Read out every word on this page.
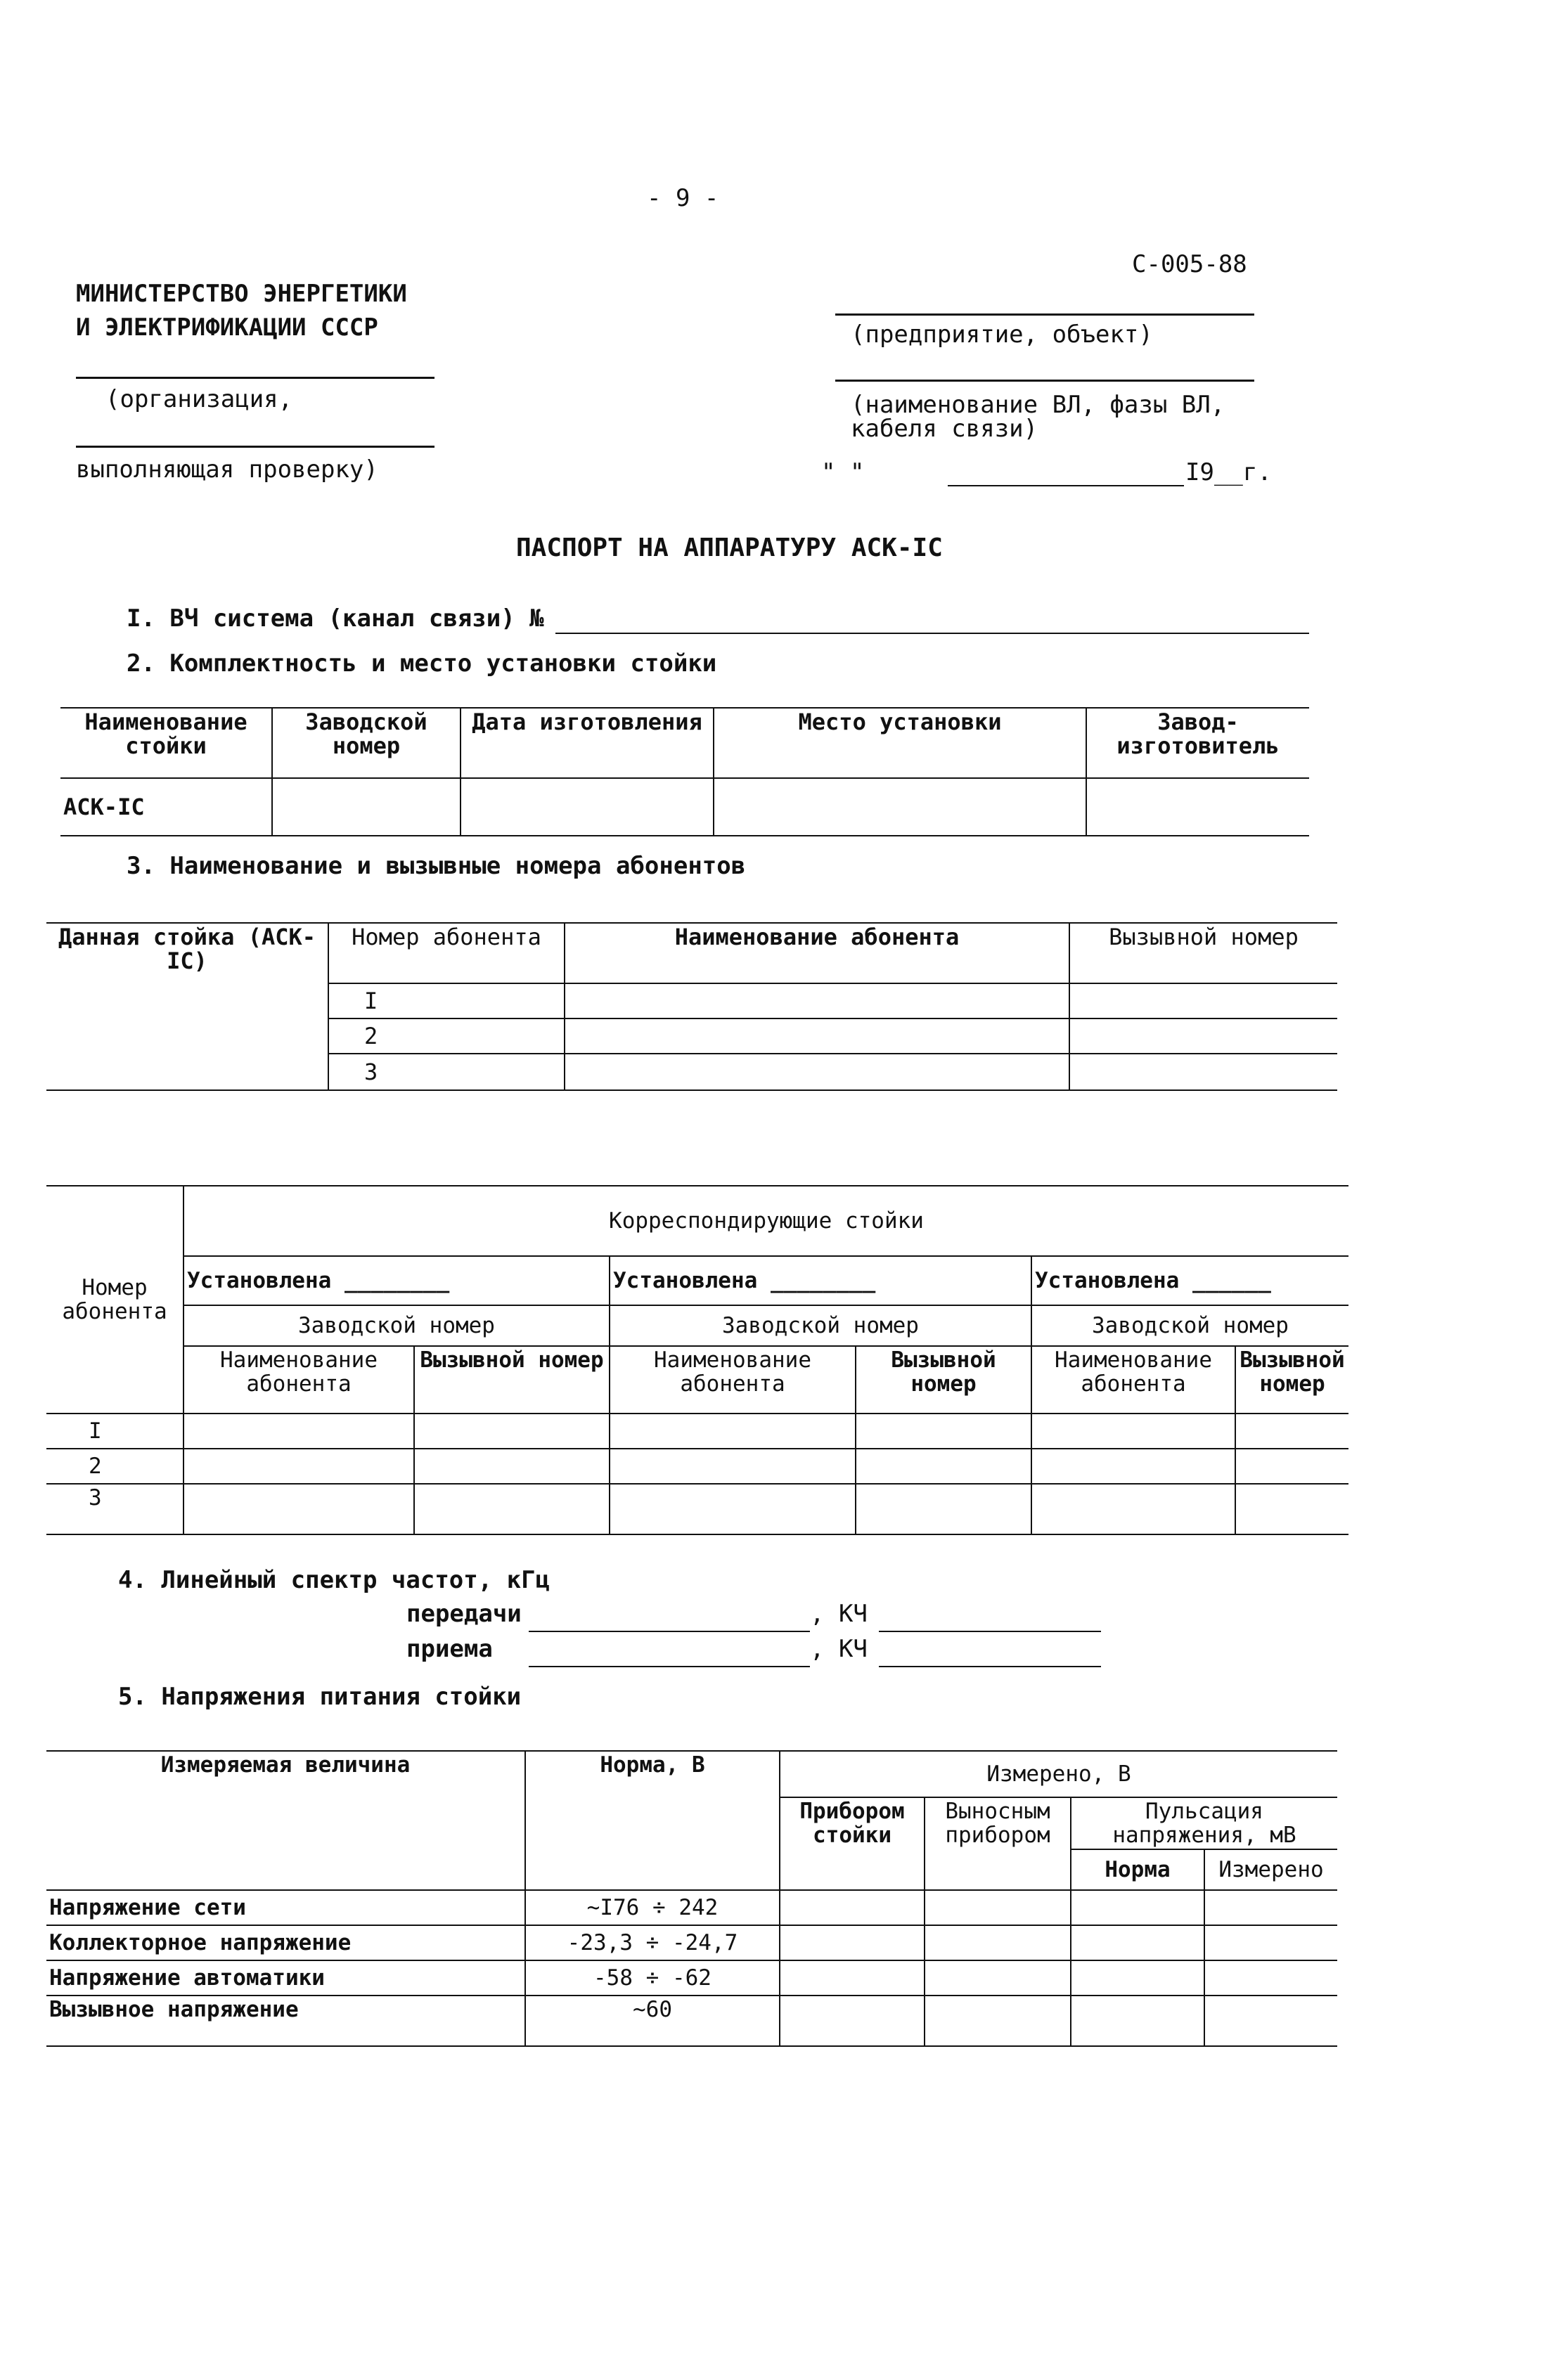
- 9 -
С-005-88
МИНИСТЕРСТВО ЭНЕРГЕТИКИ
И ЭЛЕКТРИФИКАЦИИ СССР	(предприятие, объект)
(организация,	(наименование ВЛ, фазы ВЛ,
кабеля связи)
выполняющая проверку)	" "	I9__г.
ПАСПОРТ НА АППАРАТУРУ АСК-IС
I. ВЧ система (канал связи) №
2. Комплектность и место установки стойки
Наименование стойки	Заводской номер	Дата изготовления	Место установки	Завод-изготовитель
АСК-IС				
3. Наименование и вызывные номера абонентов
Данная стойка (АСК-IС)	Номер абонента	Наименование абонента	Вызывной номер
	I		
	2		
	3		
Номер абонента	Корреспондирующие стойки					
	Установлена ________		Установлена ________		Установлена ______	
	Заводской номер		Заводской номер		Заводской номер	
	Наименование абонента	Вызывной номер	Наименование абонента	Вызывной номер	Наименование абонента	Вызывной номер
I						
2						
3						
4. Линейный спектр частот, кГц
передачи	, КЧ
приема	, КЧ
5. Напряжения питания стойки
Измеряемая величина	Норма, В	Измерено, В			
		Прибором стойки	Выносным прибором	Пульсация напряжения, мВ	
				Норма	Измерено
Напряжение сети	~I76 ÷ 242				
Коллекторное напряжение	-23,3 ÷ -24,7				
Напряжение автоматики	-58 ÷ -62				
Вызывное напряжение	~60				
